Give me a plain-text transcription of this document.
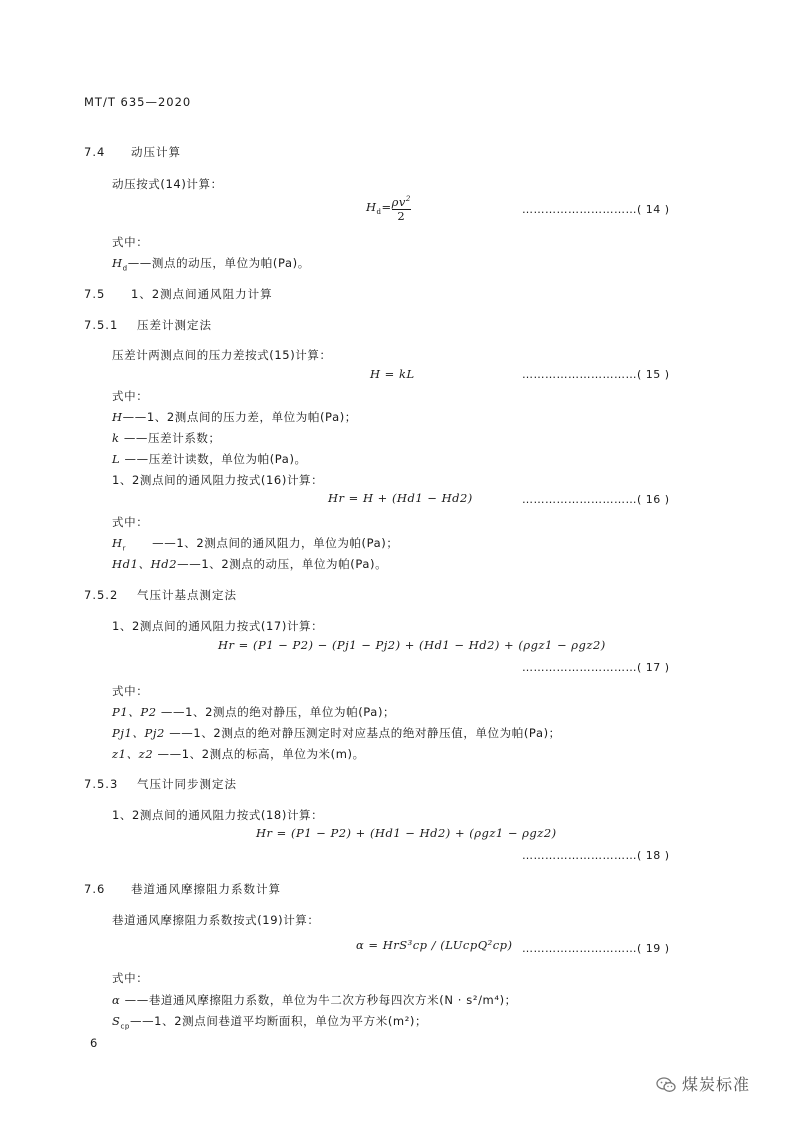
MT/T 635—2020
7.4 动压计算
动压按式(14)计算：
$H_d= \frac{\rho v^2}{2}$	…………………………( 14 )
式中：
$H_d——$测点的动压，单位为帕(Pa)。
7.5 1、2测点间通风阻力计算
7.5.1 压差计测定法
压差计两测点间的压力差按式(15)计算：
H = kL	…………………………( 15 )
式中：
H——1、2测点间的压力差，单位为帕(Pa)；
k ——压差计系数；
L ——压差计读数，单位为帕(Pa)。
1、2测点间的通风阻力按式(16)计算：
Hr = H + (Hd1 − Hd2)	…………………………( 16 )
式中：
$H_r$ ——1、2测点间的通风阻力，单位为帕(Pa)；
Hd1、Hd2——1、2测点的动压，单位为帕(Pa)。
7.5.2 气压计基点测定法
1、2测点间的通风阻力按式(17)计算：
Hr = (P1 − P2) − (Pj1 − Pj2) + (Hd1 − Hd2) + (ρgz1 − ρgz2)
…………………………( 17 )
式中：
P1、P2 ——1、2测点的绝对静压，单位为帕(Pa)；
Pj1、Pj2 ——1、2测点的绝对静压测定时对应基点的绝对静压值，单位为帕(Pa)；
z1、z2 ——1、2测点的标高，单位为米(m)。
7.5.3 气压计同步测定法
1、2测点间的通风阻力按式(18)计算：
Hr = (P1 − P2) + (Hd1 − Hd2) + (ρgz1 − ρgz2)
…………………………( 18 )
7.6 巷道通风摩擦阻力系数计算
巷道通风摩擦阻力系数按式(19)计算：
α = HrS³cp / (LUcpQ²cp) …………………………( 19 )
式中：
α ——巷道通风摩擦阻力系数，单位为牛二次方秒每四次方米(N · s²/m⁴)；
$S_{cp}——1$、2测点间巷道平均断面积，单位为平方米(m²)；
6
煤炭标准
